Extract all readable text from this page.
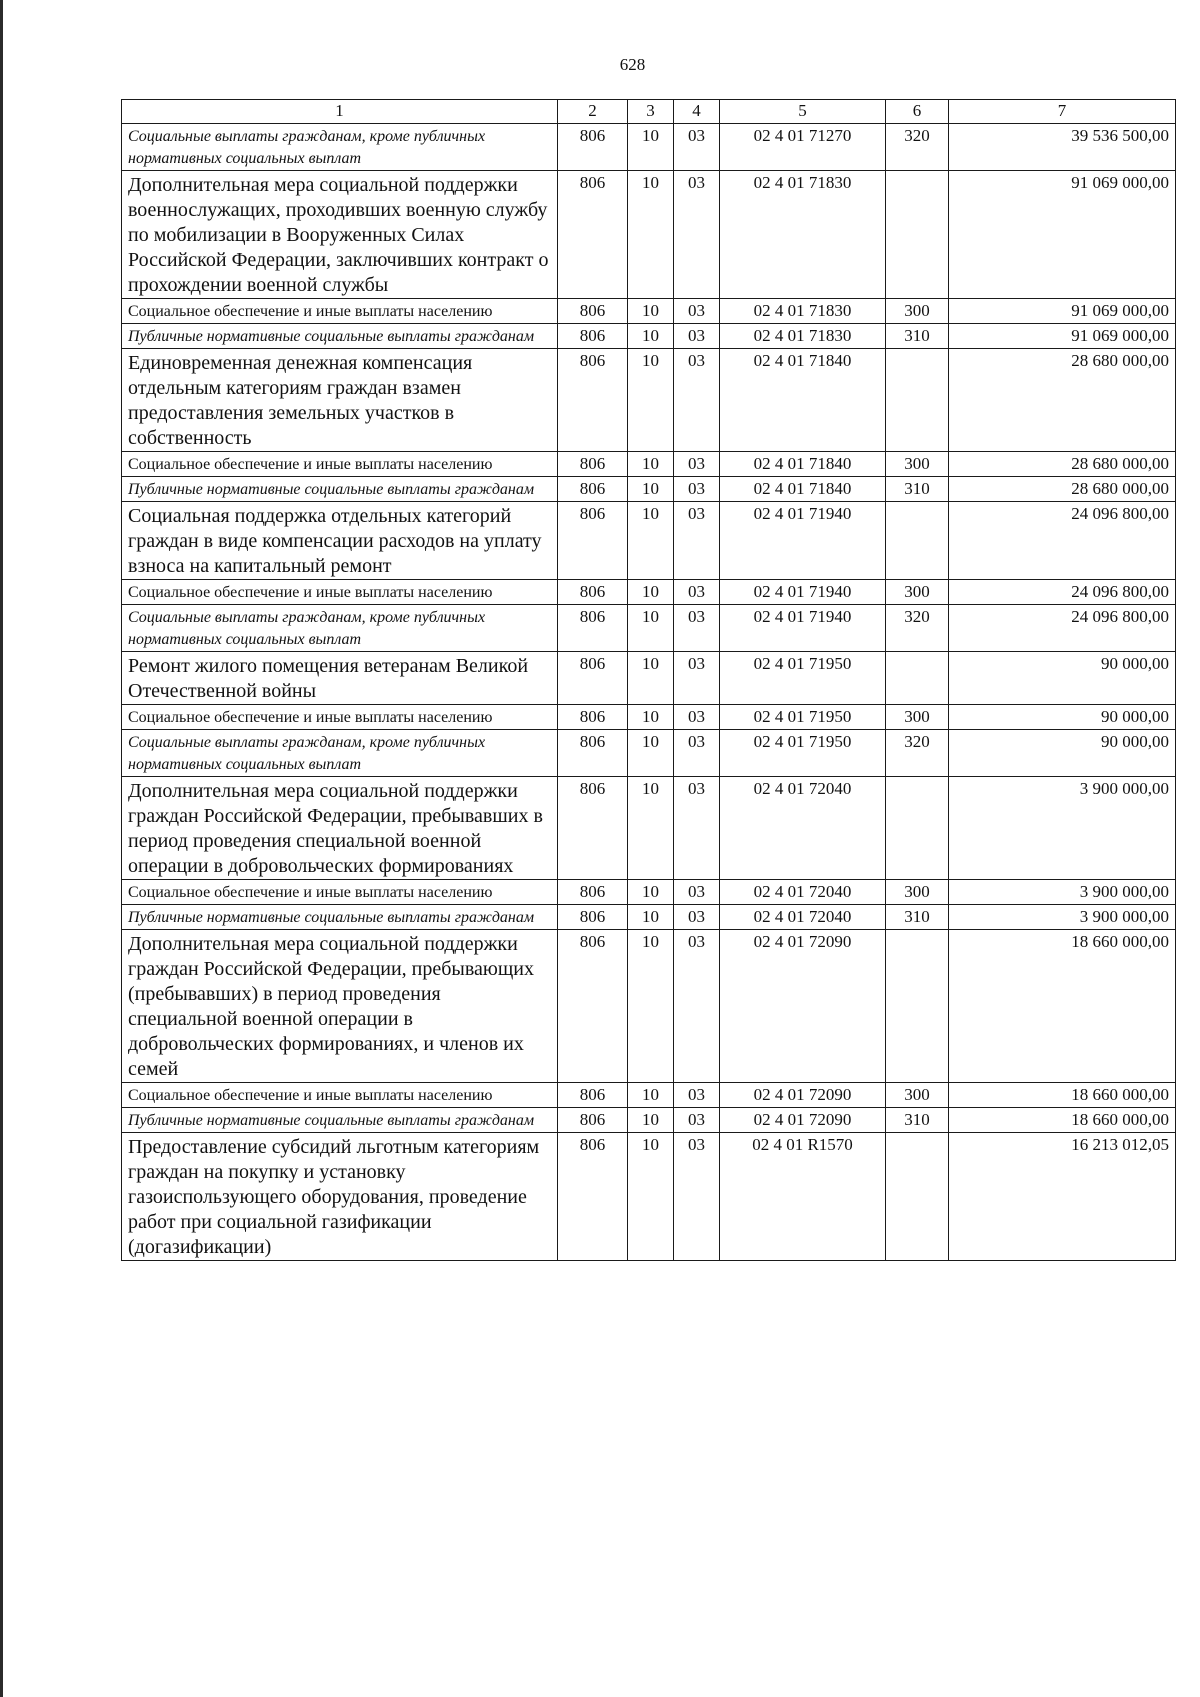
628
1	2	3	4	5	6	7
Социальные выплаты гражданам, кроме публичных нормативных социальных выплат	806	10	03	02 4 01 71270	320	39 536 500,00
Дополнительная мера социальной поддержки военнослужащих, проходивших военную службу по мобилизации в Вооруженных Силах Российской Федерации, заключивших контракт о прохождении военной службы	806	10	03	02 4 01 71830		91 069 000,00
Социальное обеспечение и иные выплаты населению	806	10	03	02 4 01 71830	300	91 069 000,00
Публичные нормативные социальные выплаты гражданам	806	10	03	02 4 01 71830	310	91 069 000,00
Единовременная денежная компенсация отдельным категориям граждан взамен предоставления земельных участков в собственность	806	10	03	02 4 01 71840		28 680 000,00
Социальное обеспечение и иные выплаты населению	806	10	03	02 4 01 71840	300	28 680 000,00
Публичные нормативные социальные выплаты гражданам	806	10	03	02 4 01 71840	310	28 680 000,00
Социальная поддержка отдельных категорий граждан в виде компенсации расходов на уплату взноса на капитальный ремонт	806	10	03	02 4 01 71940		24 096 800,00
Социальное обеспечение и иные выплаты населению	806	10	03	02 4 01 71940	300	24 096 800,00
Социальные выплаты гражданам, кроме публичных нормативных социальных выплат	806	10	03	02 4 01 71940	320	24 096 800,00
Ремонт жилого помещения ветеранам Великой Отечественной войны	806	10	03	02 4 01 71950		90 000,00
Социальное обеспечение и иные выплаты населению	806	10	03	02 4 01 71950	300	90 000,00
Социальные выплаты гражданам, кроме публичных нормативных социальных выплат	806	10	03	02 4 01 71950	320	90 000,00
Дополнительная мера социальной поддержки граждан Российской Федерации, пребывавших в период проведения специальной военной операции в добровольческих формированиях	806	10	03	02 4 01 72040		3 900 000,00
Социальное обеспечение и иные выплаты населению	806	10	03	02 4 01 72040	300	3 900 000,00
Публичные нормативные социальные выплаты гражданам	806	10	03	02 4 01 72040	310	3 900 000,00
Дополнительная мера социальной поддержки граждан Российской Федерации, пребывающих (пребывавших) в период проведения специальной военной операции в добровольческих формированиях, и членов их семей	806	10	03	02 4 01 72090		18 660 000,00
Социальное обеспечение и иные выплаты населению	806	10	03	02 4 01 72090	300	18 660 000,00
Публичные нормативные социальные выплаты гражданам	806	10	03	02 4 01 72090	310	18 660 000,00
Предоставление субсидий льготным категориям граждан на покупку и установку газоиспользующего оборудования, проведение работ при социальной газификации (догазификации)	806	10	03	02 4 01 R1570		16 213 012,05
